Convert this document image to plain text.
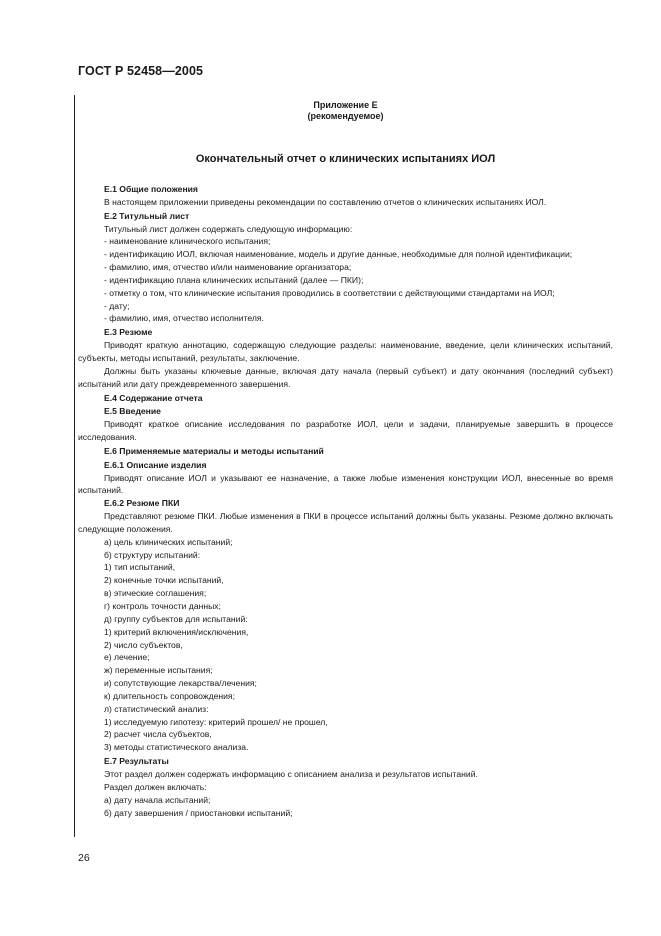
ГОСТ Р 52458—2005
Приложение Е
(рекомендуемое)
Окончательный отчет о клинических испытаниях ИОЛ
Е.1 Общие положения
В настоящем приложении приведены рекомендации по составлению отчетов о клинических испытаниях ИОЛ.
Е.2 Титульный лист
Титульный лист должен содержать следующую информацию:
- наименование клинического испытания;
- идентификацию ИОЛ, включая наименование, модель и другие данные, необходимые для полной идентификации;
- фамилию, имя, отчество и/или наименование организатора;
- идентификацию плана клинических испытаний (далее — ПКИ);
- отметку о том, что клинические испытания проводились в соответствии с действующими стандартами на ИОЛ;
- дату;
- фамилию, имя, отчество исполнителя.
Е.3 Резюме
Приводят краткую аннотацию, содержащую следующие разделы: наименование, введение, цели клинических испытаний, субъекты, методы испытаний, результаты, заключение.
Должны быть указаны ключевые данные, включая дату начала (первый субъект) и дату окончания (последний субъект) испытаний или дату преждевременного завершения.
Е.4 Содержание отчета
Е.5 Введение
Приводят краткое описание исследования по разработке ИОЛ, цели и задачи, планируемые завершить в процессе исследования.
Е.6 Применяемые материалы и методы испытаний
Е.6.1 Описание изделия
Приводят описание ИОЛ и указывают ее назначение, а также любые изменения конструкции ИОЛ, внесенные во время испытаний.
Е.6.2 Резюме ПКИ
Представляют резюме ПКИ. Любые изменения в ПКИ в процессе испытаний должны быть указаны. Резюме должно включать следующие положения.
а) цель клинических испытаний;
б) структуру испытаний:
1) тип испытаний,
2) конечные точки испытаний,
в) этические соглашения;
г) контроль точности данных;
д) группу субъектов для испытаний:
1) критерий включения/исключения,
2) число субъектов,
е) лечение;
ж) переменные испытания;
и) сопутствующие лекарства/лечения;
к) длительность сопровождения;
л) статистический анализ:
1) исследуемую гипотезу: критерий прошел/ не прошел,
2) расчет числа субъектов,
3) методы статистического анализа.
Е.7 Результаты
Этот раздел должен содержать информацию с описанием анализа и результатов испытаний.
Раздел должен включать:
а) дату начала испытаний;
б) дату завершения / приостановки испытаний;
26
